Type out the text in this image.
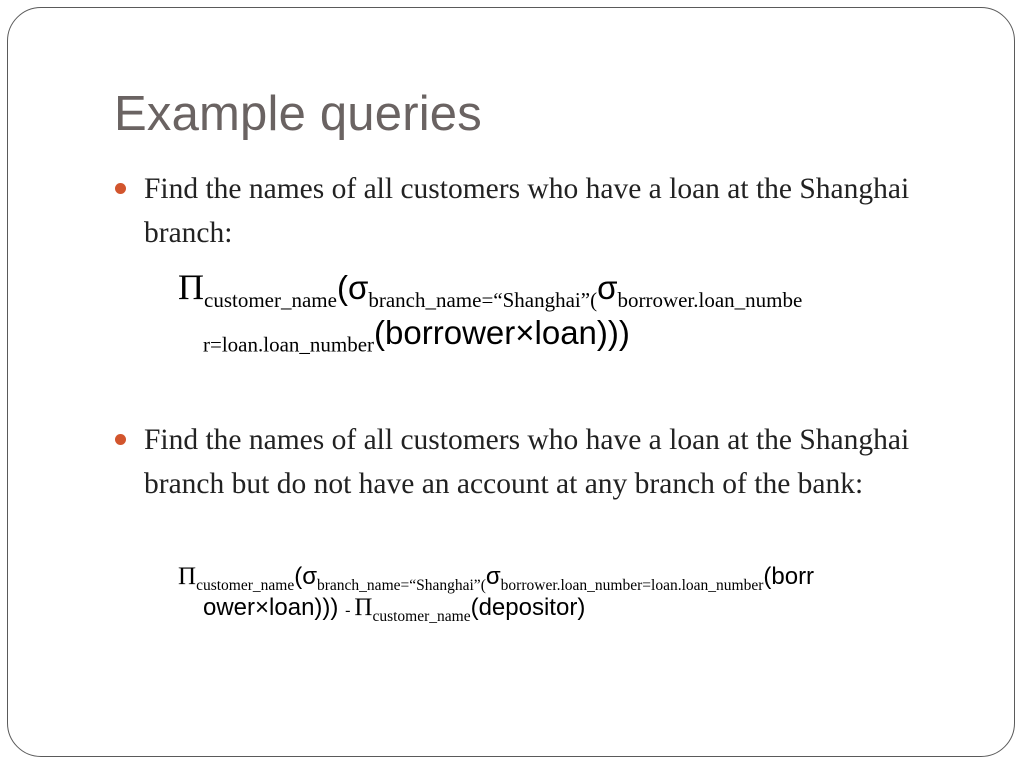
Example queries
Find the names of all customers who have a loan at the Shanghai branch:
$\Pi_{customer\_name}(\sigma_{branch\_name=“Shanghai”(}\sigma_{borrower.loan\_numbe}$
$_{r=loan.loan\_number}$(borrower×loan)))
Find the names of all customers who have a loan at the Shanghai branch but do not have an account at any branch of the bank:
$\Pi_{customer\_name}(\sigma_{branch\_name=“Shanghai”(}\sigma_{borrower.loan\_number=loan.loan\_number}(borr$
ower×loan))) - $\Pi_{customer\_name}(depositor)$
